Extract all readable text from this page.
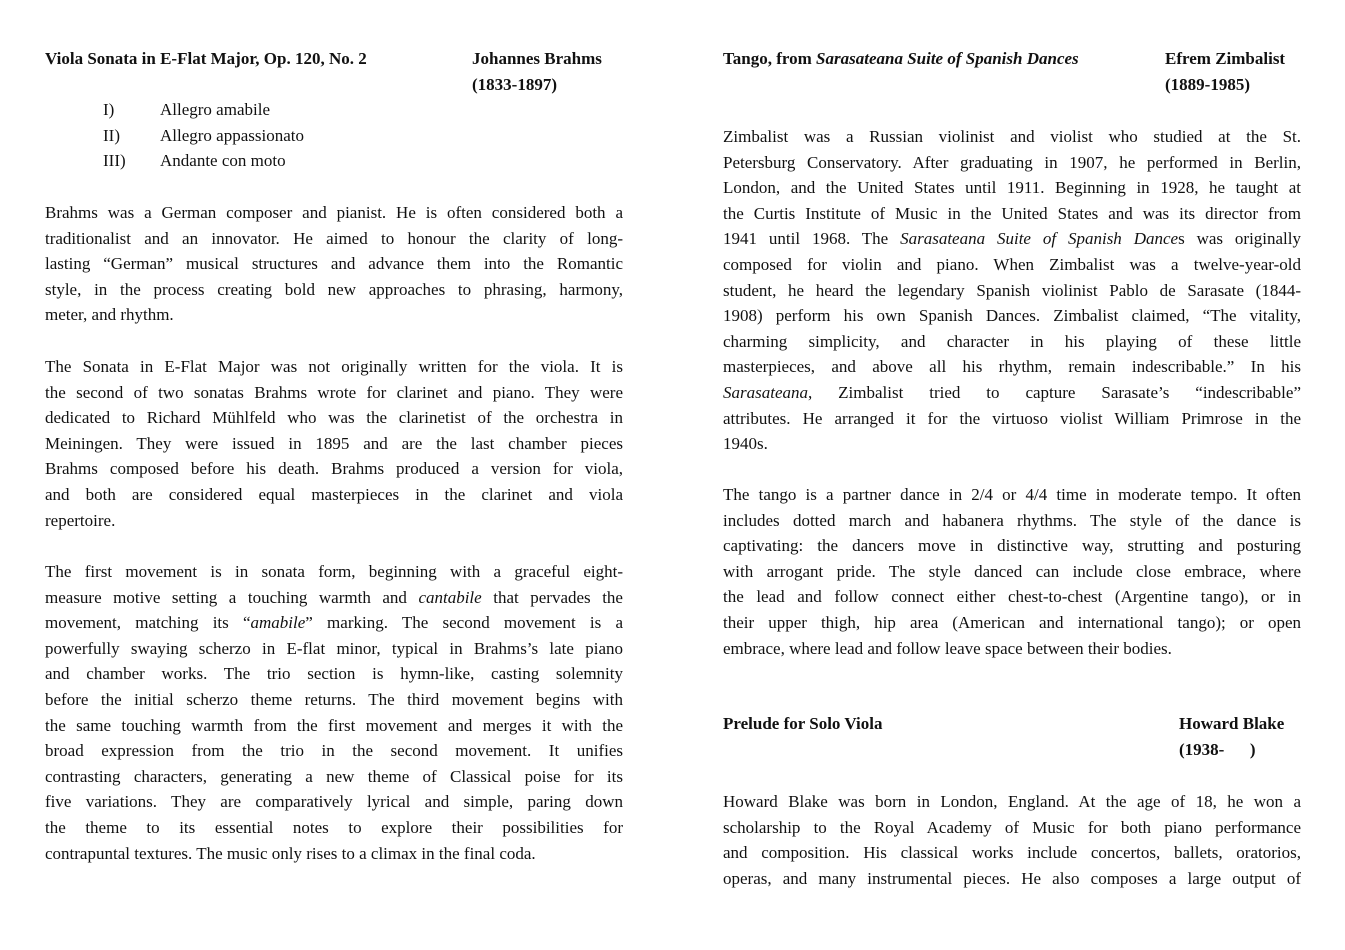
Viola Sonata in E-Flat Major, Op. 120, No. 2	Johannes Brahms
(1833-1897)
I)	Allegro amabile
II) Allegro appassionato
III) Andante con moto
Brahms was a German composer and pianist. He is often considered both a
traditionalist and an innovator. He aimed to honour the clarity of long-
lasting “German” musical structures and advance them into the Romantic
style, in the process creating bold new approaches to phrasing, harmony,
meter, and rhythm.
The Sonata in E-Flat Major was not originally written for the viola. It is
the second of two sonatas Brahms wrote for clarinet and piano. They were
dedicated to Richard Mühlfeld who was the clarinetist of the orchestra in
Meiningen. They were issued in 1895 and are the last chamber pieces
Brahms composed before his death. Brahms produced a version for viola,
and both are considered equal masterpieces in the clarinet and viola
repertoire.
The first movement is in sonata form, beginning with a graceful eight-
measure motive setting a touching warmth and cantabile that pervades the
movement, matching its “amabile” marking. The second movement is a
powerfully swaying scherzo in E-flat minor, typical in Brahms’s late piano
and chamber works. The trio section is hymn-like, casting solemnity
before the initial scherzo theme returns. The third movement begins with
the same touching warmth from the first movement and merges it with the
broad expression from the trio in the second movement. It unifies
contrasting characters, generating a new theme of Classical poise for its
five variations. They are comparatively lyrical and simple, paring down
the theme to its essential notes to explore their possibilities for
contrapuntal textures. The music only rises to a climax in the final coda.
Tango, from Sarasateana Suite of Spanish Dances	Efrem Zimbalist
(1889-1985)
Zimbalist was a Russian violinist and violist who studied at the St.
Petersburg Conservatory. After graduating in 1907, he performed in Berlin,
London, and the United States until 1911. Beginning in 1928, he taught at
the Curtis Institute of Music in the United States and was its director from
1941 until 1968. The Sarasateana Suite of Spanish Dances was originally
composed for violin and piano. When Zimbalist was a twelve-year-old
student, he heard the legendary Spanish violinist Pablo de Sarasate (1844-
1908) perform his own Spanish Dances. Zimbalist claimed, “The vitality,
charming simplicity, and character in his playing of these little
masterpieces, and above all his rhythm, remain indescribable.” In his
Sarasateana, Zimbalist tried to capture Sarasate’s “indescribable”
attributes. He arranged it for the virtuoso violist William Primrose in the
1940s.
The tango is a partner dance in 2/4 or 4/4 time in moderate tempo. It often
includes dotted march and habanera rhythms. The style of the dance is
captivating: the dancers move in distinctive way, strutting and posturing
with arrogant pride. The style danced can include close embrace, where
the lead and follow connect either chest-to-chest (Argentine tango), or in
their upper thigh, hip area (American and international tango); or open
embrace, where lead and follow leave space between their bodies.
Prelude for Solo Viola	Howard Blake
(1938-      )
Howard Blake was born in London, England. At the age of 18, he won a
scholarship to the Royal Academy of Music for both piano performance
and composition. His classical works include concertos, ballets, oratorios,
operas, and many instrumental pieces. He also composes a large output of
